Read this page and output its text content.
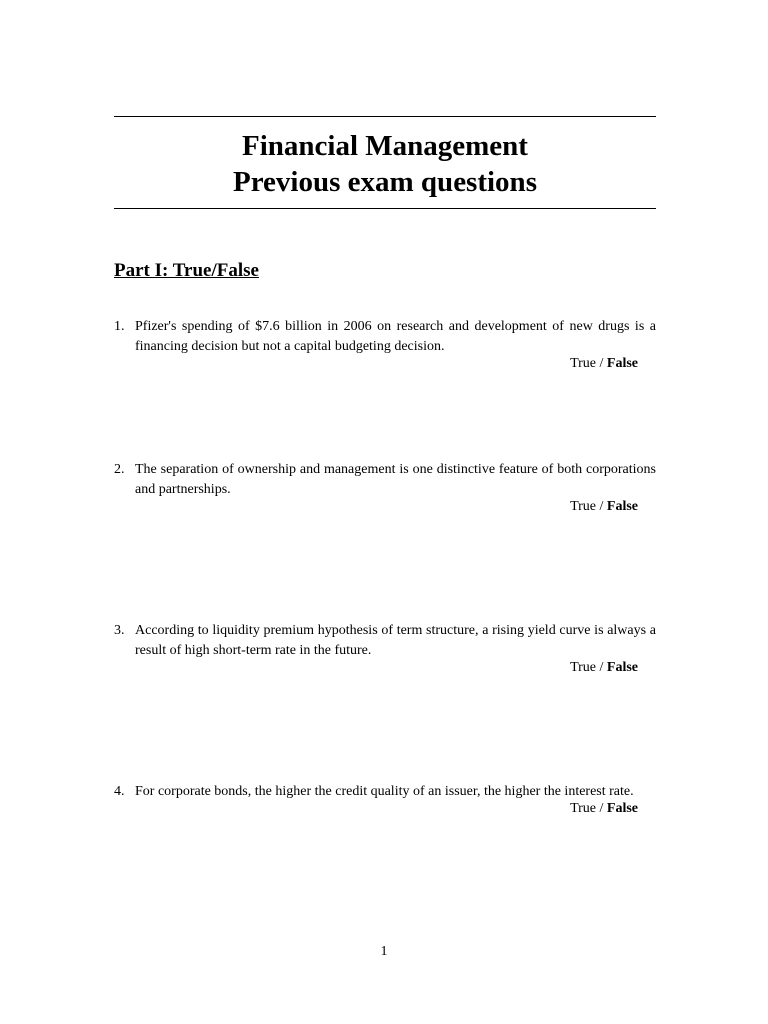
Financial Management
Previous exam questions
Part I: True/False
1. Pfizer's spending of $7.6 billion in 2006 on research and development of new drugs is a financing decision but not a capital budgeting decision.
True / False
2. The separation of ownership and management is one distinctive feature of both corporations and partnerships.
True / False
3. According to liquidity premium hypothesis of term structure, a rising yield curve is always a result of high short-term rate in the future.
True / False
4. For corporate bonds, the higher the credit quality of an issuer, the higher the interest rate.
True / False
1
